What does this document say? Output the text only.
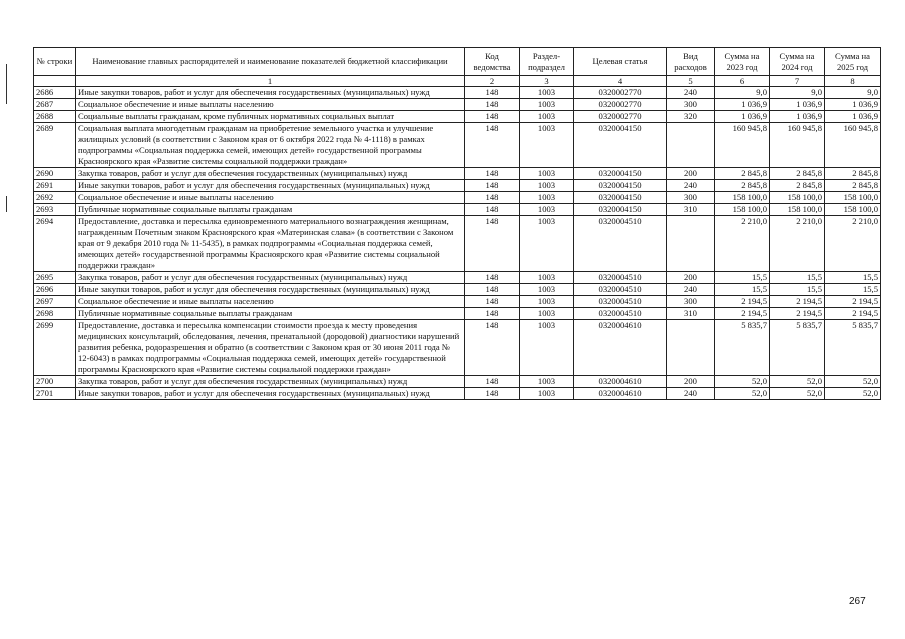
№ строки	Наименование главных распорядителей и наименование показателей бюджетной классификации	Код ведомства	Раздел- подраздел	Целевая статья	Вид расходов	Сумма на 2023 год	Сумма на 2024 год	Сумма на 2025 год
	1	2	3	4	5	6	7	8
2686	Иные закупки товаров, работ и услуг для обеспечения государственных (муниципальных) нужд	148	1003	0320002770	240	9,0	9,0	9,0
2687	Социальное обеспечение и иные выплаты населению	148	1003	0320002770	300	1 036,9	1 036,9	1 036,9
2688	Социальные выплаты гражданам, кроме публичных нормативных социальных выплат	148	1003	0320002770	320	1 036,9	1 036,9	1 036,9
2689	Социальная выплата многодетным гражданам на приобретение земельного участка и улучшение жилищных условий (в соответствии с Законом края от 6 октября 2022 года № 4-1118) в рамках подпрограммы «Социальная поддержка семей, имеющих детей» государственной программы Красноярского края «Развитие системы социальной поддержки граждан»	148	1003	0320004150		160 945,8	160 945,8	160 945,8
2690	Закупка товаров, работ и услуг для обеспечения государственных (муниципальных) нужд	148	1003	0320004150	200	2 845,8	2 845,8	2 845,8
2691	Иные закупки товаров, работ и услуг для обеспечения государственных (муниципальных) нужд	148	1003	0320004150	240	2 845,8	2 845,8	2 845,8
2692	Социальное обеспечение и иные выплаты населению	148	1003	0320004150	300	158 100,0	158 100,0	158 100,0
2693	Публичные нормативные социальные выплаты гражданам	148	1003	0320004150	310	158 100,0	158 100,0	158 100,0
2694	Предоставление, доставка и пересылка единовременного материального вознаграждения женщинам, награжденным Почетным знаком Красноярского края «Материнская слава» (в соответствии с Законом края от 9 декабря 2010 года № 11-5435), в рамках подпрограммы «Социальная поддержка семей, имеющих детей» государственной программы Красноярского края «Развитие системы социальной поддержки граждан»	148	1003	0320004510		2 210,0	2 210,0	2 210,0
2695	Закупка товаров, работ и услуг для обеспечения государственных (муниципальных) нужд	148	1003	0320004510	200	15,5	15,5	15,5
2696	Иные закупки товаров, работ и услуг для обеспечения государственных (муниципальных) нужд	148	1003	0320004510	240	15,5	15,5	15,5
2697	Социальное обеспечение и иные выплаты населению	148	1003	0320004510	300	2 194,5	2 194,5	2 194,5
2698	Публичные нормативные социальные выплаты гражданам	148	1003	0320004510	310	2 194,5	2 194,5	2 194,5
2699	Предоставление, доставка и пересылка компенсации стоимости проезда к месту проведения медицинских консультаций, обследования, лечения, пренатальной (дородовой) диагностики нарушений развития ребенка, родоразрешения и обратно (в соответствии с Законом края от 30 июня 2011 года № 12-6043) в рамках подпрограммы «Социальная поддержка семей, имеющих детей» государственной программы Красноярского края «Развитие системы социальной поддержки граждан»	148	1003	0320004610		5 835,7	5 835,7	5 835,7
2700	Закупка товаров, работ и услуг для обеспечения государственных (муниципальных) нужд	148	1003	0320004610	200	52,0	52,0	52,0
2701	Иные закупки товаров, работ и услуг для обеспечения государственных (муниципальных) нужд	148	1003	0320004610	240	52,0	52,0	52,0
267
